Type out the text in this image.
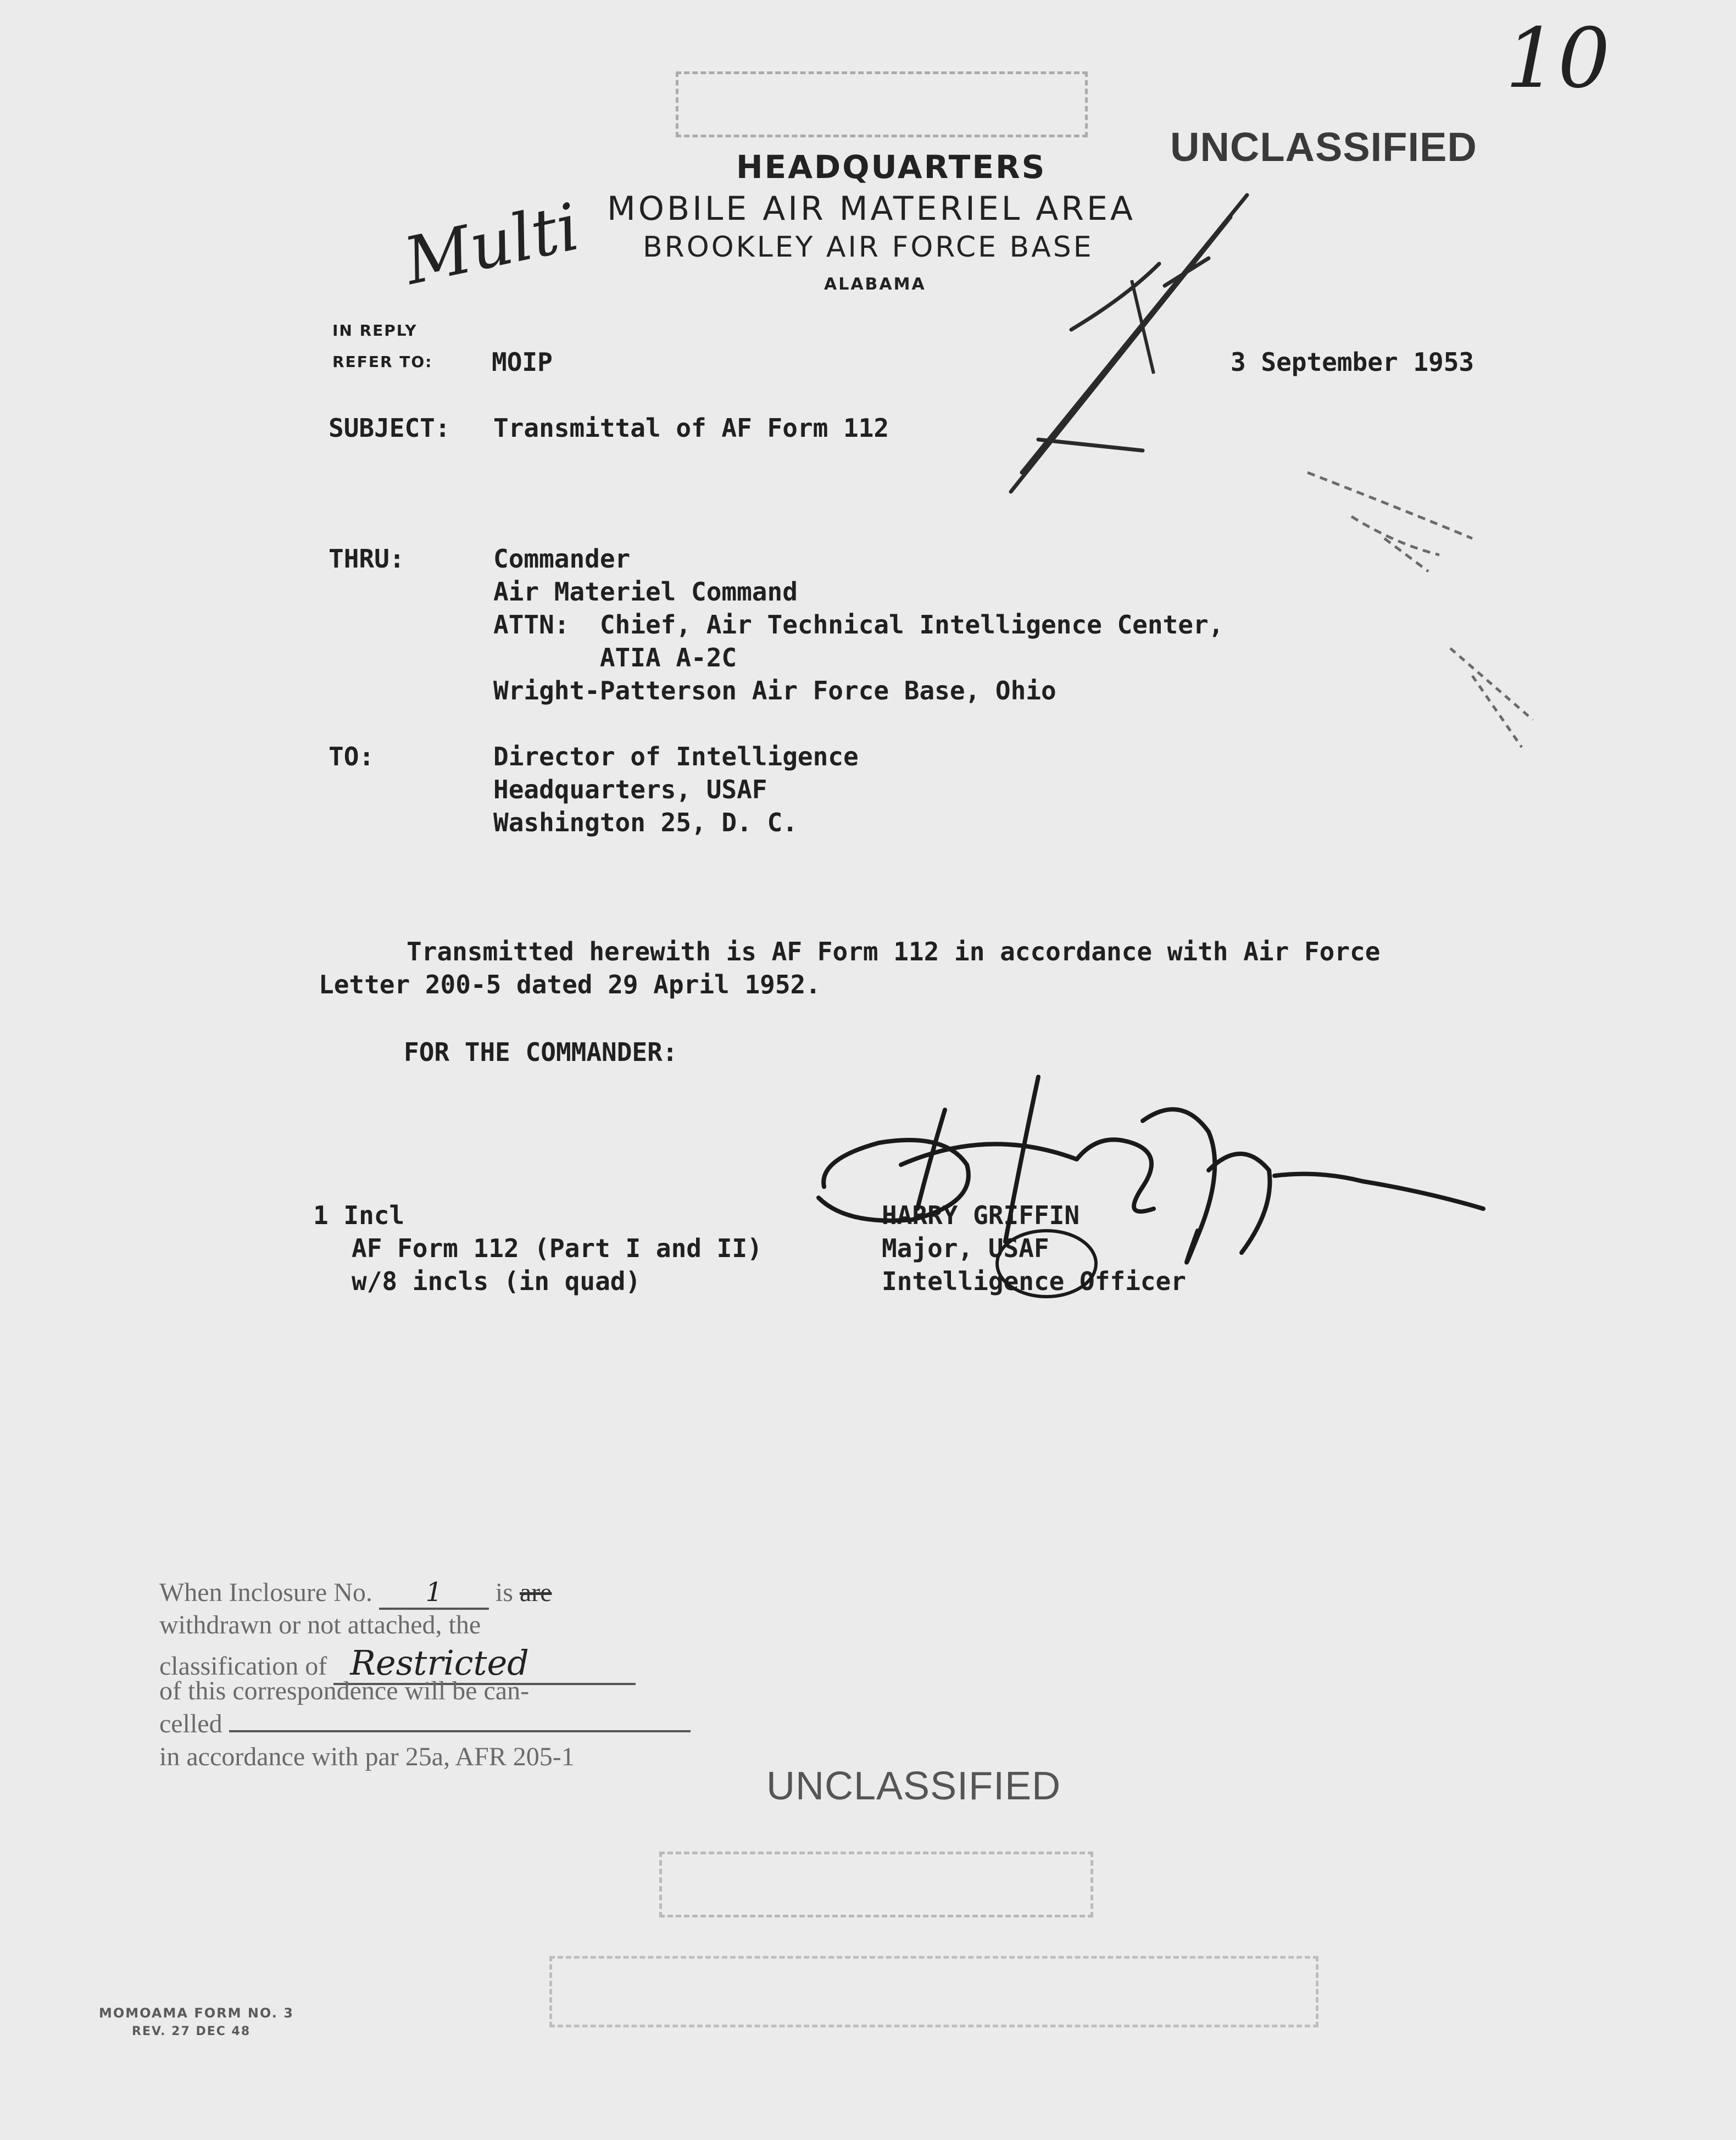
10
Multi
UNCLASSIFIED
HEADQUARTERS
MOBILE AIR MATERIEL AREA
BROOKLEY AIR FORCE BASE
ALABAMA
IN REPLY
REFER TO: MOIP	3 September 1953
SUBJECT: Transmittal of AF Form 112
THRU:	Commander
Air Materiel Command
ATTN:  Chief, Air Technical Intelligence Center,
ATIA A-2C
Wright-Patterson Air Force Base, Ohio
TO:	Director of Intelligence
Headquarters, USAF
Washington 25, D. C.
Transmitted herewith is AF Form 112 in accordance with Air Force
Letter 200-5 dated 29 April 1952.
FOR THE COMMANDER:
1 Incl
AF Form 112 (Part I and II)
w/8 incls (in quad)
HARRY GRIFFIN
Major, USAF
Intelligence Officer
Harry Griffin
When Inclosure No. 1 is are
withdrawn or not attached, the
classification of Restricted
of this correspondence will be can-
celled
in accordance with par 25a, AFR 205-1
UNCLASSIFIED
MOMOAMA FORM NO. 3
REV. 27 DEC 48
